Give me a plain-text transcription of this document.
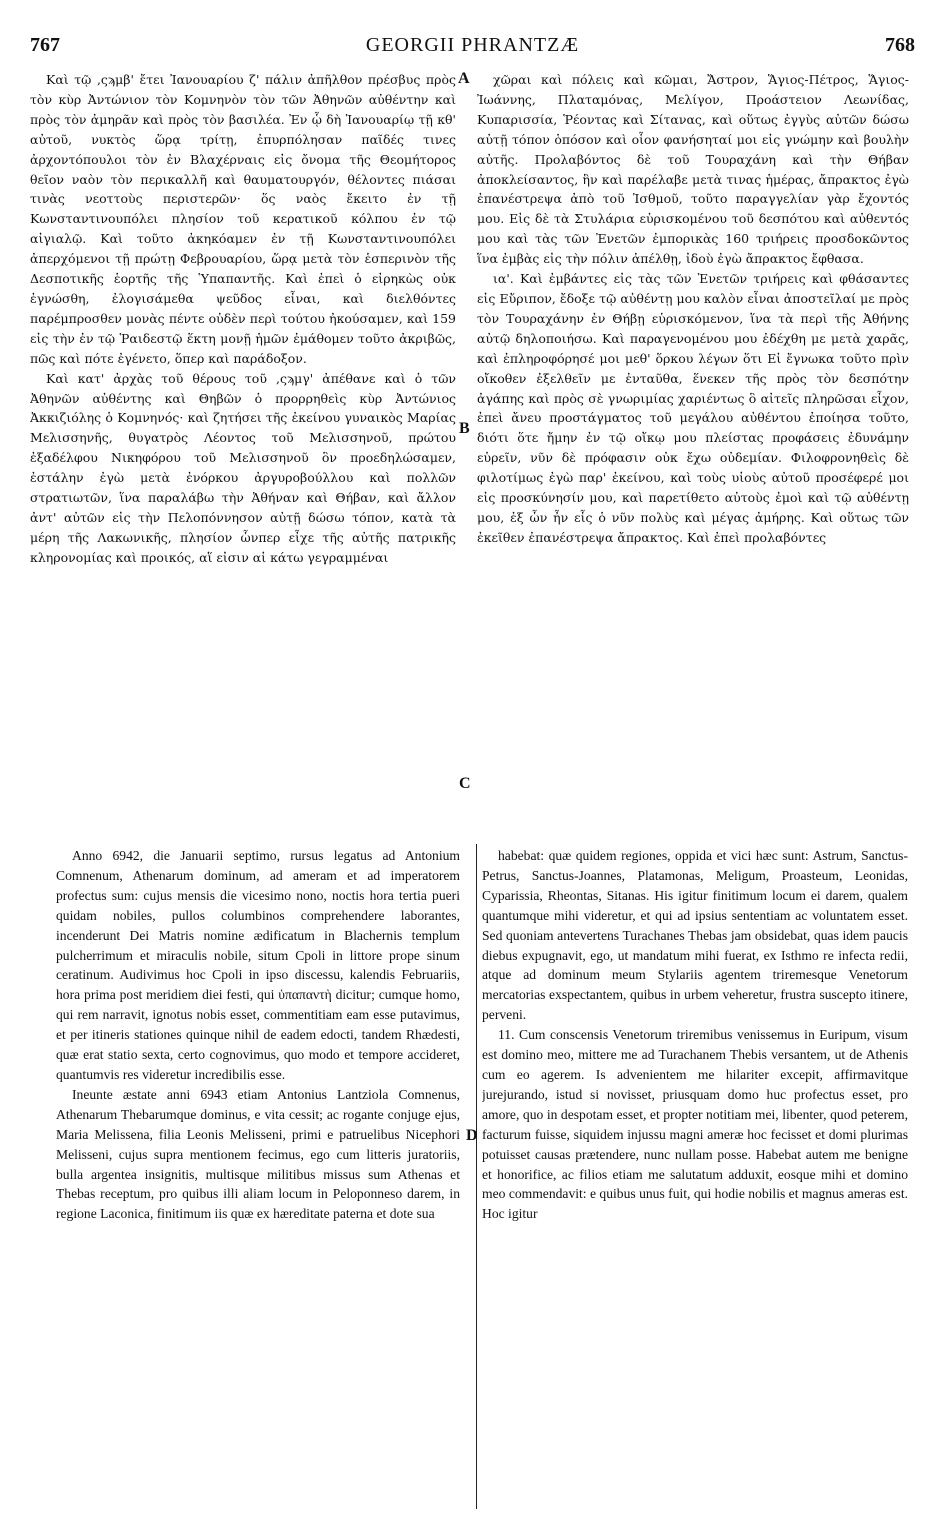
767	GEORGII PHRANTZÆ	768

Καὶ τῷ ,ςϡμβ' ἔτει Ἰανουαρίου ζ' πάλιν ἀπῆλθον πρέσβυς πρὸς τὸν κὺρ Ἀντώνιον τὸν Κομνηνὸν τὸν τῶν Ἀθηνῶν αὐθέντην καὶ πρὸς τὸν ἀμηρᾶν καὶ πρὸς τὸν βασιλέα. Ἐν ᾧ δὴ Ἰανουαρίῳ τῇ κθ' αὐτοῦ, νυκτὸς ὥρᾳ τρίτῃ, ἐπυρπόλησαν παῖδές τινες ἀρχοντόπουλοι τὸν ἐν Βλαχέρναις εἰς ὄνομα τῆς Θεομήτορος θεῖον ναὸν τὸν περικαλλῆ καὶ θαυματουργόν, θέλοντες πιάσαι τινὰς νεοττοὺς περιστερῶν· ὅς ναὸς ἔκειτο ἐν τῇ Κωνσταντινουπόλει πλησίον τοῦ κερατικοῦ κόλπου ἐν τῷ αἰγιαλῷ. Καὶ τοῦτο ἀκηκόαμεν ἐν τῇ Κωνσταντινουπόλει ἀπερχόμενοι τῇ πρώτῃ Φεβρουαρίου, ὥρᾳ μετὰ τὸν ἑσπερινὸν τῆς Δεσποτικῆς ἑορτῆς τῆς Ὑπαπαντῆς. Καὶ ἐπεὶ ὁ εἰρηκὼς οὐκ ἐγνώσθη, ἐλογισάμεθα ψεῦδος εἶναι, καὶ διελθόντες παρέμπροσθεν μονὰς πέντε οὐδὲν περὶ τούτου ἠκούσαμεν, καὶ 159 εἰς τὴν ἐν τῷ Ῥαιδεστῷ ἕκτη μονῇ ἡμῶν ἐμάθομεν τοῦτο ἀκριβῶς, πῶς καὶ πότε ἐγένετο, ὅπερ καὶ παράδοξον.

Καὶ κατ' ἀρχὰς τοῦ θέρους τοῦ ,ςϡμγ' ἀπέθανε καὶ ὁ τῶν Ἀθηνῶν αὐθέντης καὶ Θηβῶν ὁ προρρηθεὶς κὺρ Ἀντώνιος Ἀκκιζιόλης ὁ Κομνηνός· καὶ ζητήσει τῆς ἐκείνου γυναικὸς Μαρίας Μελισσηνῆς, θυγατρὸς Λέοντος τοῦ Μελισσηνοῦ, πρώτου ἐξαδέλφου Νικηφόρου τοῦ Μελισσηνοῦ ὃν προεδηλώσαμεν, ἐστάλην ἐγὼ μετὰ ἐνόρκου ἀργυροβούλλου καὶ πολλῶν στρατιωτῶν, ἵνα παραλάβω τὴν Ἀθήναν καὶ Θήβαν, καὶ ἄλλον ἀντ' αὐτῶν εἰς τὴν Πελοπόννησον αὐτῇ δώσω τόπον, κατὰ τὰ μέρη τῆς Λακωνικῆς, πλησίον ὧνπερ εἶχε τῆς αὐτῆς πατρικῆς κληρονομίας καὶ προικός, αἵ εἰσιν αἱ κάτω γεγραμμέναι

χῶραι καὶ πόλεις καὶ κῶμαι, Ἄστρον, Ἅγιος-Πέτρος, Ἅγιος-Ἰωάννης, Πλαταμόνας, Μελίγον, Προάστειον Λεωνίδας, Κυπαρισσία, Ῥέοντας καὶ Σίτανας, καὶ οὕτως ἐγγὺς αὐτῶν δώσω αὐτῇ τόπον ὁπόσον καὶ οἷον φανήσηταί μοι εἰς γνώμην καὶ βουλὴν αὐτῆς. Προλαβόντος δὲ τοῦ Τουραχάνη καὶ τὴν Θήβαν ἀποκλείσαντος, ἣν καὶ παρέλαβε μετὰ τινας ἡμέρας, ἄπρακτος ἐγὼ ἐπανέστρεψα ἀπὸ τοῦ Ἰσθμοῦ, τοῦτο παραγγελίαν γὰρ ἔχοντός μου. Εἰς δὲ τὰ Στυλάρια εὑρισκομένου τοῦ δεσπότου καὶ αὐθεντός μου καὶ τὰς τῶν Ἐνετῶν ἐμπορικὰς 160 τριήρεις προσδοκῶντος ἵνα ἐμβὰς εἰς τὴν πόλιν ἀπέλθῃ, ἰδοὺ ἐγὼ ἄπρακτος ἔφθασα.

ια'. Καὶ ἐμβάντες εἰς τὰς τῶν Ἐνετῶν τριήρεις καὶ φθάσαντες εἰς Εὔριπον, ἔδοξε τῷ αὐθέντῃ μου καλὸν εἶναι ἀποστεῖλαί με πρὸς τὸν Τουραχάνην ἐν Θήβῃ εὑρισκόμενον, ἵνα τὰ περὶ τῆς Ἀθήνης αὐτῷ δηλοποιήσω. Καὶ παραγενομένου μου ἐδέχθη με μετὰ χαρᾶς, καὶ ἐπληροφόρησέ μοι μεθ' ὅρκου λέγων ὅτι Εἰ ἔγνωκα τοῦτο πρὶν οἴκοθεν ἐξελθεῖν με ἐνταῦθα, ἕνεκεν τῆς πρὸς τὸν δεσπότην ἀγάπης καὶ πρὸς σὲ γνωριμίας χαριέντως ὃ αἰτεῖς πληρῶσαι εἶχον, ἐπεὶ ἄνευ προστάγματος τοῦ μεγάλου αὐθέντου ἐποίησα τοῦτο, διότι ὅτε ἤμην ἐν τῷ οἴκῳ μου πλείστας προφάσεις ἐδυνάμην εὑρεῖν, νῦν δὲ πρόφασιν οὐκ ἔχω οὐδεμίαν. Φιλοφρονηθεὶς δὲ φιλοτίμως ἐγὼ παρ' ἐκείνου, καὶ τοὺς υἱοὺς αὐτοῦ προσέφερέ μοι εἰς προσκύνησίν μου, καὶ παρετίθετο αὐτοὺς ἐμοὶ καὶ τῷ αὐθέντῃ μου, ἐξ ὧν ἦν εἷς ὁ νῦν πολὺς καὶ μέγας ἀμήρης. Καὶ οὕτως τῶν ἐκεῖθεν ἐπανέστρεψα ἄπρακτος. Καὶ ἐπεὶ προλαβόντες

Anno 6942, die Januarii septimo, rursus legatus ad Antonium Comnenum, Athenarum dominum, ad ameram et ad imperatorem profectus sum: cujus mensis die vicesimo nono, noctis hora tertia pueri quidam nobiles, pullos columbinos comprehendere laborantes, incenderunt Dei Matris nomine ædificatum in Blachernis templum pulcherrimum et miraculis nobile, situm Cpoli in littore prope sinum ceratinum. Audivimus hoc Cpoli in ipso discessu, kalendis Februariis, hora prima post meridiem diei festi, qui ὑπαπαντὴ dicitur; cumque homo, qui rem narravit, ignotus nobis esset, commentitiam eam esse putavimus, et per itineris stationes quinque nihil de eadem edocti, tandem Rhædesti, quæ erat statio sexta, certo cognovimus, quo modo et tempore accideret, quantumvis res videretur incredibilis esse.

Ineunte æstate anni 6943 etiam Antonius Lantziola Comnenus, Athenarum Thebarumque dominus, e vita cessit; ac rogante conjuge ejus, Maria Melissena, filia Leonis Melisseni, primi e patruelibus Nicephori Melisseni, cujus supra mentionem fecimus, ego cum litteris juratoriis, bulla argentea insignitis, multisque militibus missus sum Athenas et Thebas receptum, pro quibus illi aliam locum in Peloponneso darem, in regione Laconica, finitimum iis quæ ex hæreditate paterna et dote sua

habebat: quæ quidem regiones, oppida et vici hæc sunt: Astrum, Sanctus-Petrus, Sanctus-Joannes, Platamonas, Meligum, Proasteum, Leonidas, Cyparissia, Rheontas, Sitanas. His igitur finitimum locum ei darem, qualem quantumque mihi videretur, et qui ad ipsius sententiam ac voluntatem esset. Sed quoniam antevertens Turachanes Thebas jam obsidebat, quas idem paucis diebus expugnavit, ego, ut mandatum mihi fuerat, ex Isthmo re infecta redii, atque ad dominum meum Stylariis agentem triremesque Venetorum mercatorias exspectantem, quibus in urbem veheretur, frustra suscepto itinere, perveni.

11. Cum conscensis Venetorum triremibus venissemus in Euripum, visum est domino meo, mittere me ad Turachanem Thebis versantem, ut de Athenis cum eo agerem. Is advenientem me hilariter excepit, affirmavitque jurejurando, istud si novisset, priusquam domo huc profectus esset, pro amore, quo in despotam esset, et propter notitiam mei, libenter, quod peterem, facturum fuisse, siquidem injussu magni ameræ hoc fecisset et domi plurimas potuisset causas prætendere, nunc nullam posse. Habebat autem me benigne et honorifice, ac filios etiam me salutatum adduxit, eosque mihi et domino meo commendavit: e quibus unus fuit, qui hodie nobilis et magnus ameras est. Hoc igitur

A
B
C
D
